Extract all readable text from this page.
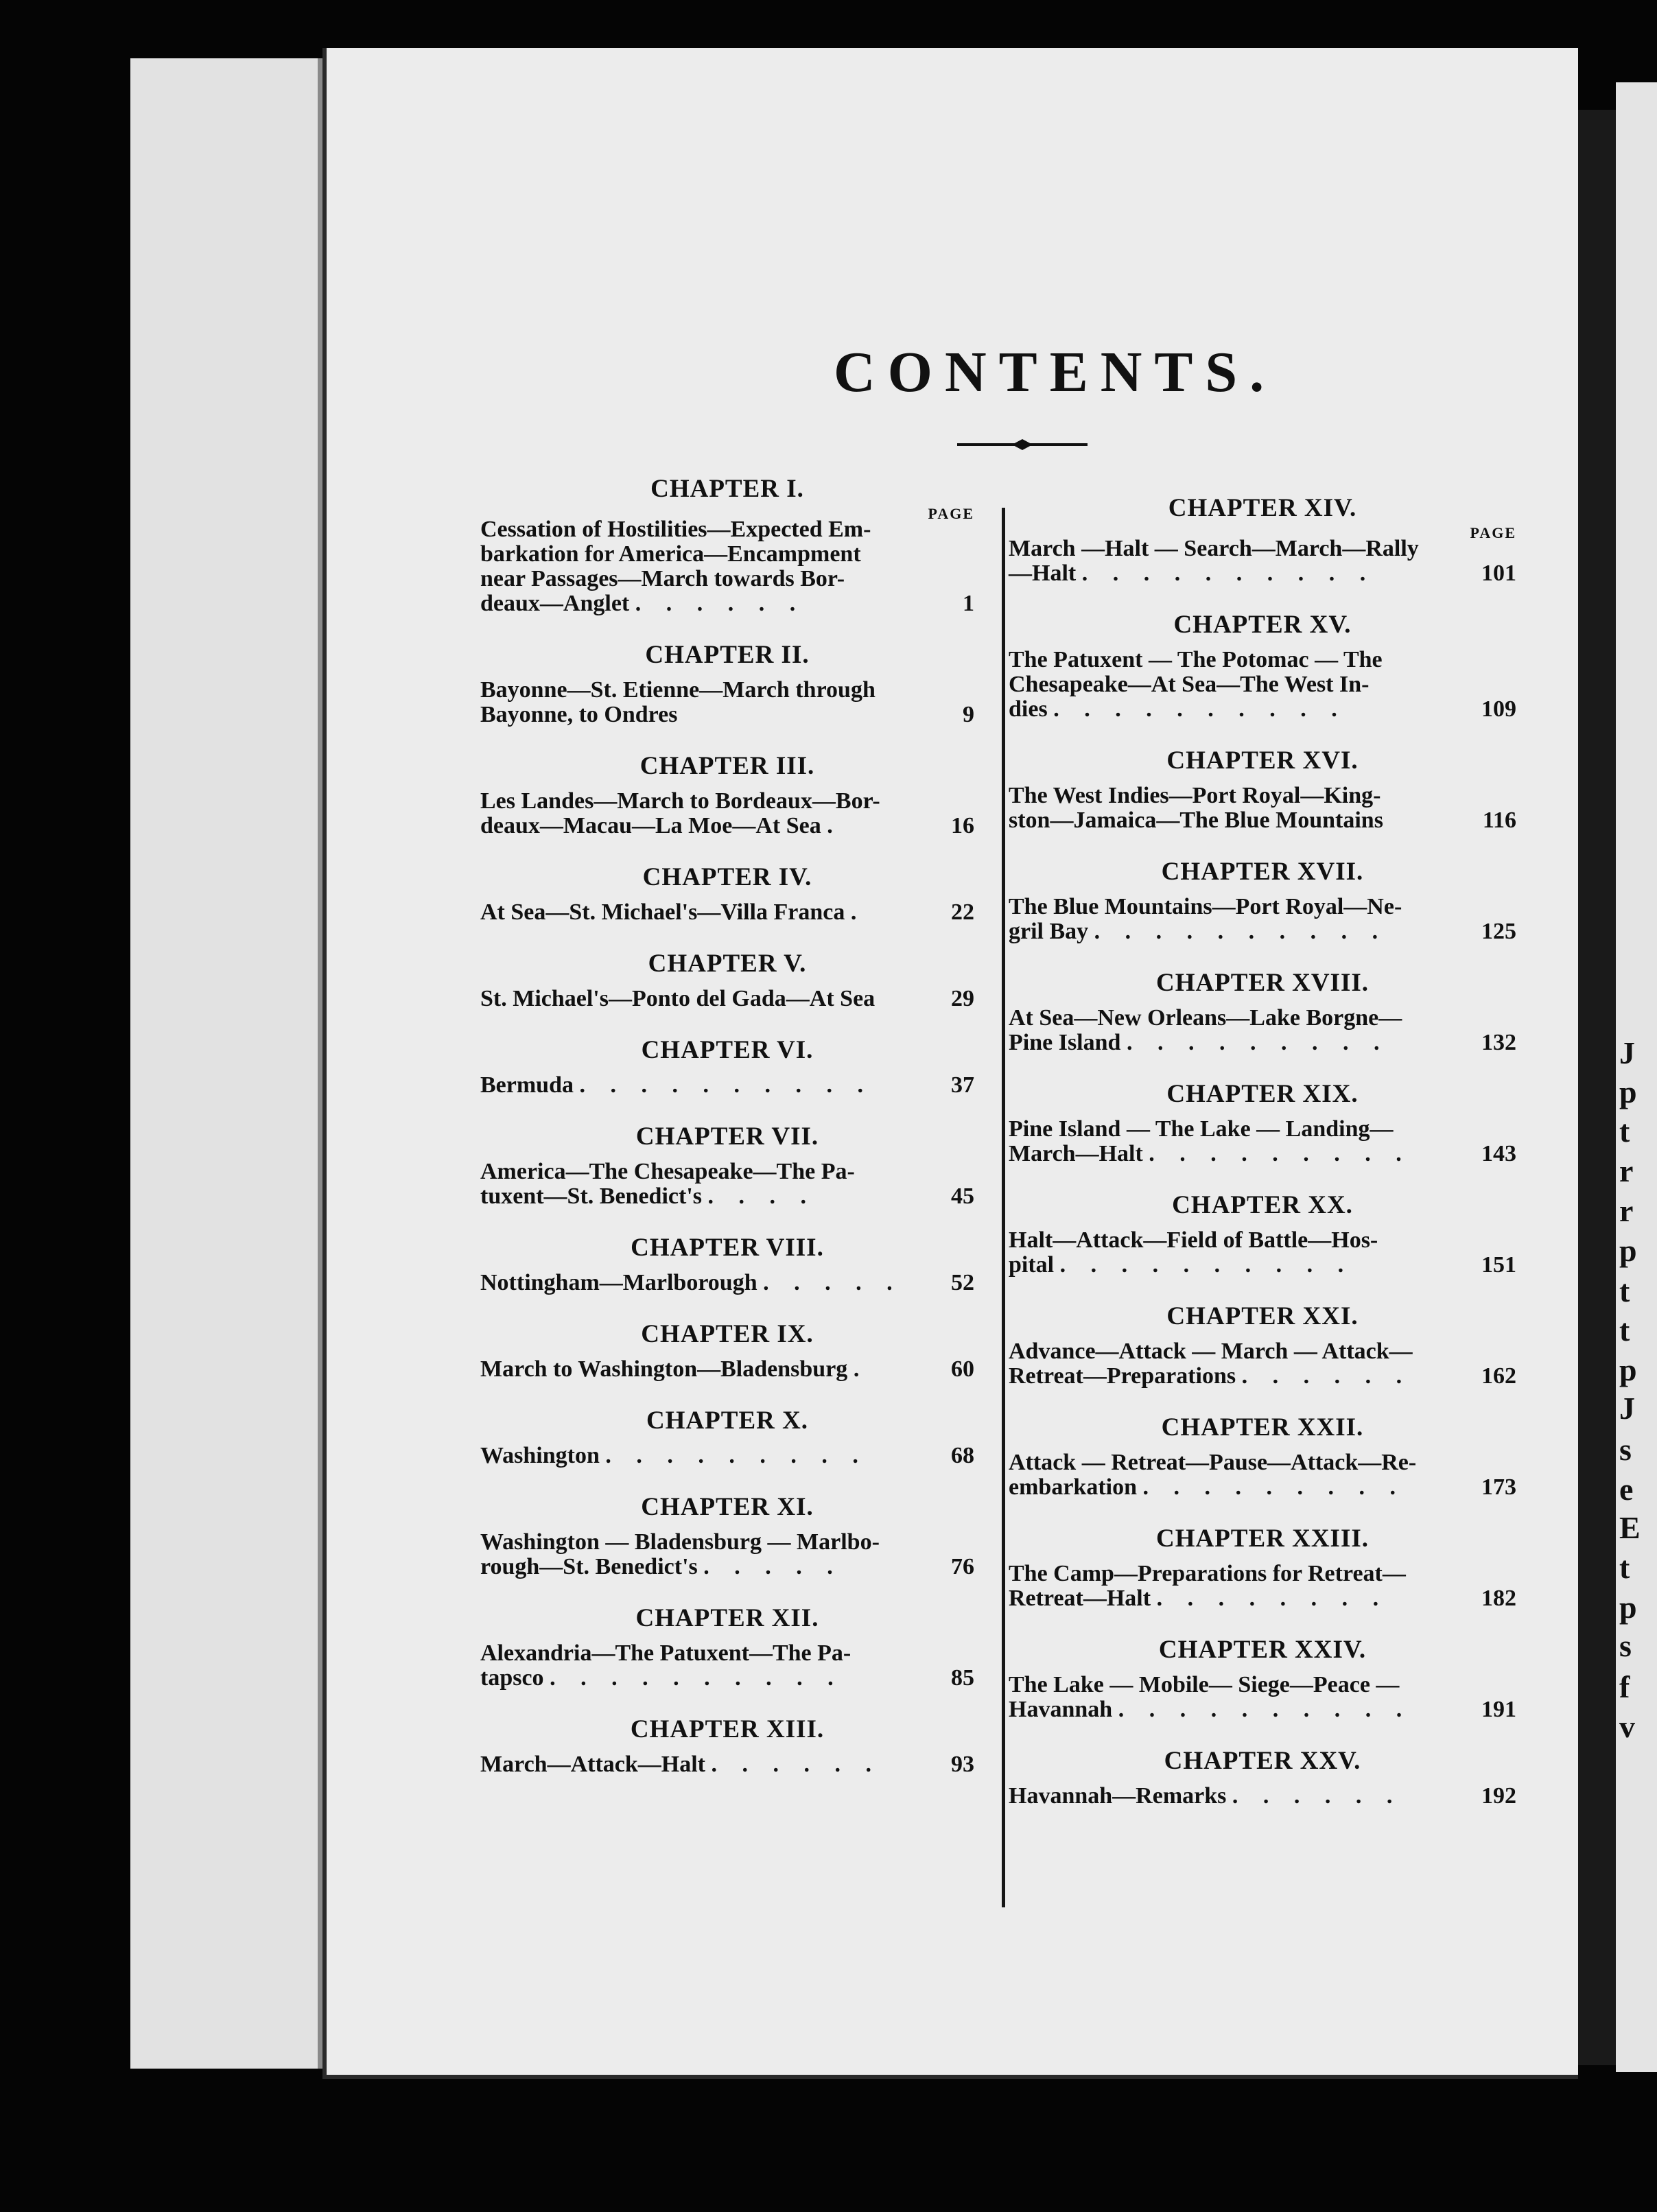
J
p
t
r
r
p
t
t
p
J
s
e
E
t
p
s
f
v
CONTENTS.
CHAPTER I.
PAGE
Cessation of Hostilities—Expected Em-
barkation for America—Encampment
near Passages—March towards Bor-
deaux—Anglet . . . . . .	1
CHAPTER II.
Bayonne—St. Etienne—March through
Bayonne, to Ondres	9
CHAPTER III.
Les Landes—March to Bordeaux—Bor-
deaux—Macau—La Moe—At Sea .	16
CHAPTER IV.
At Sea—St. Michael's—Villa Franca .	22
CHAPTER V.
St. Michael's—Ponto del Gada—At Sea	29
CHAPTER VI.
Bermuda . . . . . . . . . .	37
CHAPTER VII.
America—The Chesapeake—The Pa-
tuxent—St. Benedict's . . . .	45
CHAPTER VIII.
Nottingham—Marlborough . . . . .	52
CHAPTER IX.
March to Washington—Bladensburg .	60
CHAPTER X.
Washington . . . . . . . . .	68
CHAPTER XI.
Washington — Bladensburg — Marlbo-
rough—St. Benedict's . . . . .	76
CHAPTER XII.
Alexandria—The Patuxent—The Pa-
tapsco . . . . . . . . . .	85
CHAPTER XIII.
March—Attack—Halt . . . . . .	93
CHAPTER XIV.
PAGE
March —Halt — Search—March—Rally
—Halt . . . . . . . . . .	101
CHAPTER XV.
The Patuxent — The Potomac — The
Chesapeake—At Sea—The West In-
dies . . . . . . . . . .	109
CHAPTER XVI.
The West Indies—Port Royal—King-
ston—Jamaica—The Blue Mountains	116
CHAPTER XVII.
The Blue Mountains—Port Royal—Ne-
gril Bay . . . . . . . . . .	125
CHAPTER XVIII.
At Sea—New Orleans—Lake Borgne—
Pine Island . . . . . . . . .	132
CHAPTER XIX.
Pine Island — The Lake — Landing—
March—Halt . . . . . . . . .	143
CHAPTER XX.
Halt—Attack—Field of Battle—Hos-
pital . . . . . . . . . .	151
CHAPTER XXI.
Advance—Attack — March — Attack—
Retreat—Preparations . . . . . .	162
CHAPTER XXII.
Attack — Retreat—Pause—Attack—Re-
embarkation . . . . . . . . .	173
CHAPTER XXIII.
The Camp—Preparations for Retreat—
Retreat—Halt . . . . . . . .	182
CHAPTER XXIV.
The Lake — Mobile— Siege—Peace —
Havannah . . . . . . . . . .	191
CHAPTER XXV.
Havannah—Remarks . . . . . .	192
